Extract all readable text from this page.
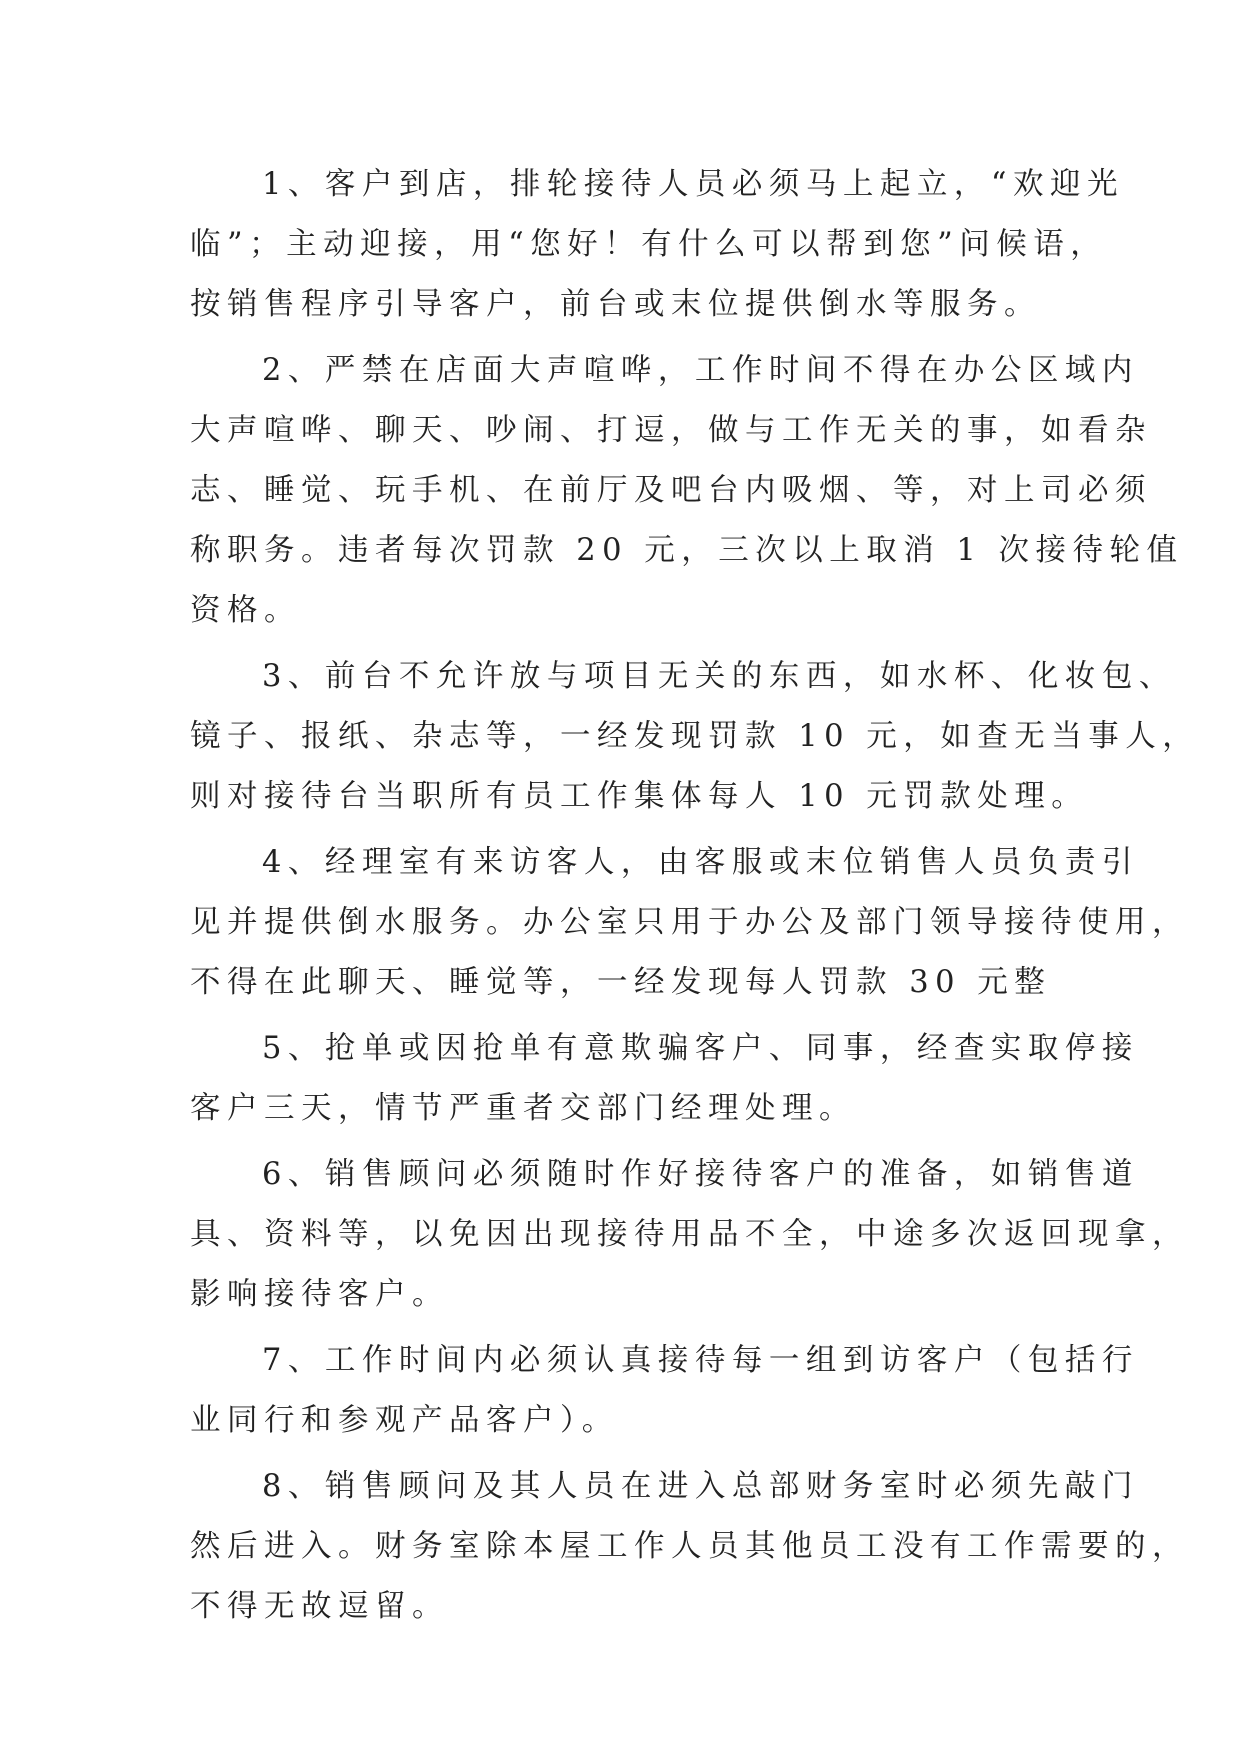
1、客户到店，排轮接待人员必须马上起立，“欢迎光
临”；主动迎接，用“您好！有什么可以帮到您”问候语，
按销售程序引导客户，前台或末位提供倒水等服务。

2、严禁在店面大声喧哗，工作时间不得在办公区域内
大声喧哗、聊天、吵闹、打逗，做与工作无关的事，如看杂
志、睡觉、玩手机、在前厅及吧台内吸烟、等，对上司必须
称职务。违者每次罚款 20 元，三次以上取消 1 次接待轮值
资格。

3、前台不允许放与项目无关的东西，如水杯、化妆包、
镜子、报纸、杂志等，一经发现罚款 10 元，如查无当事人，
则对接待台当职所有员工作集体每人 10 元罚款处理。

4、经理室有来访客人，由客服或末位销售人员负责引
见并提供倒水服务。办公室只用于办公及部门领导接待使用，
不得在此聊天、睡觉等，一经发现每人罚款 30 元整

5、抢单或因抢单有意欺骗客户、同事，经查实取停接
客户三天，情节严重者交部门经理处理。

6、销售顾问必须随时作好接待客户的准备，如销售道
具、资料等，以免因出现接待用品不全，中途多次返回现拿，
影响接待客户。

7、工作时间内必须认真接待每一组到访客户（包括行
业同行和参观产品客户）。

8、销售顾问及其人员在进入总部财务室时必须先敲门
然后进入。财务室除本屋工作人员其他员工没有工作需要的，
不得无故逗留。
